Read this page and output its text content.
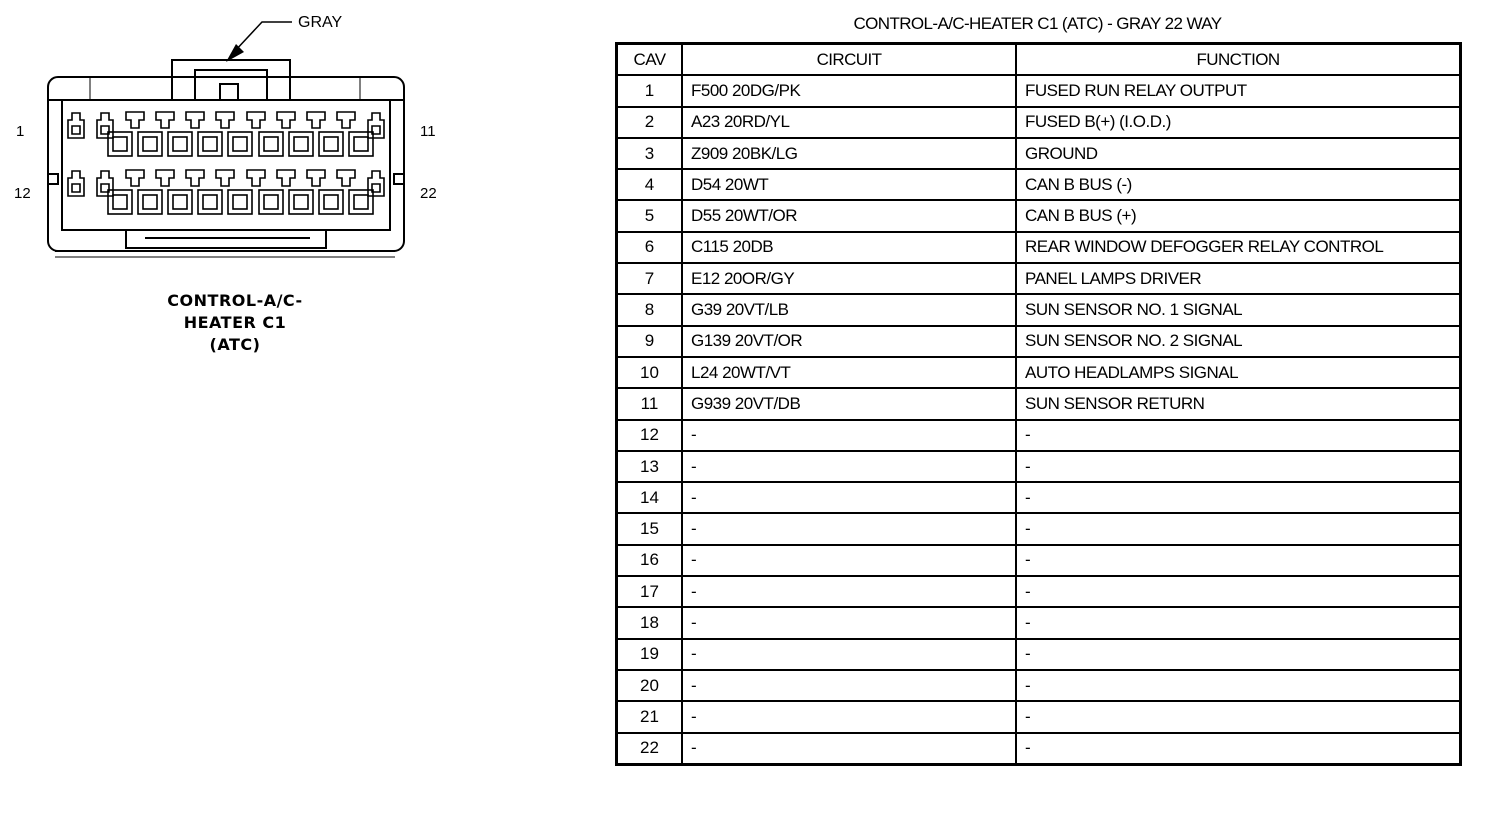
GRAY
1	11
12	22
CONTROL-A/C-
HEATER C1
(ATC)
CONTROL-A/C-HEATER C1 (ATC) - GRAY 22 WAY
CAV	CIRCUIT	FUNCTION
1	F500 20DG/PK	FUSED RUN RELAY OUTPUT
2	A23 20RD/YL	FUSED B(+) (I.O.D.)
3	Z909 20BK/LG	GROUND
4	D54 20WT	CAN B BUS (-)
5	D55 20WT/OR	CAN B BUS (+)
6	C115 20DB	REAR WINDOW DEFOGGER RELAY CONTROL
7	E12 20OR/GY	PANEL LAMPS DRIVER
8	G39 20VT/LB	SUN SENSOR NO. 1 SIGNAL
9	G139 20VT/OR	SUN SENSOR NO. 2 SIGNAL
10	L24 20WT/VT	AUTO HEADLAMPS SIGNAL
11	G939 20VT/DB	SUN SENSOR RETURN
12	-	-
13	-	-
14	-	-
15	-	-
16	-	-
17	-	-
18	-	-
19	-	-
20	-	-
21	-	-
22	-	-
